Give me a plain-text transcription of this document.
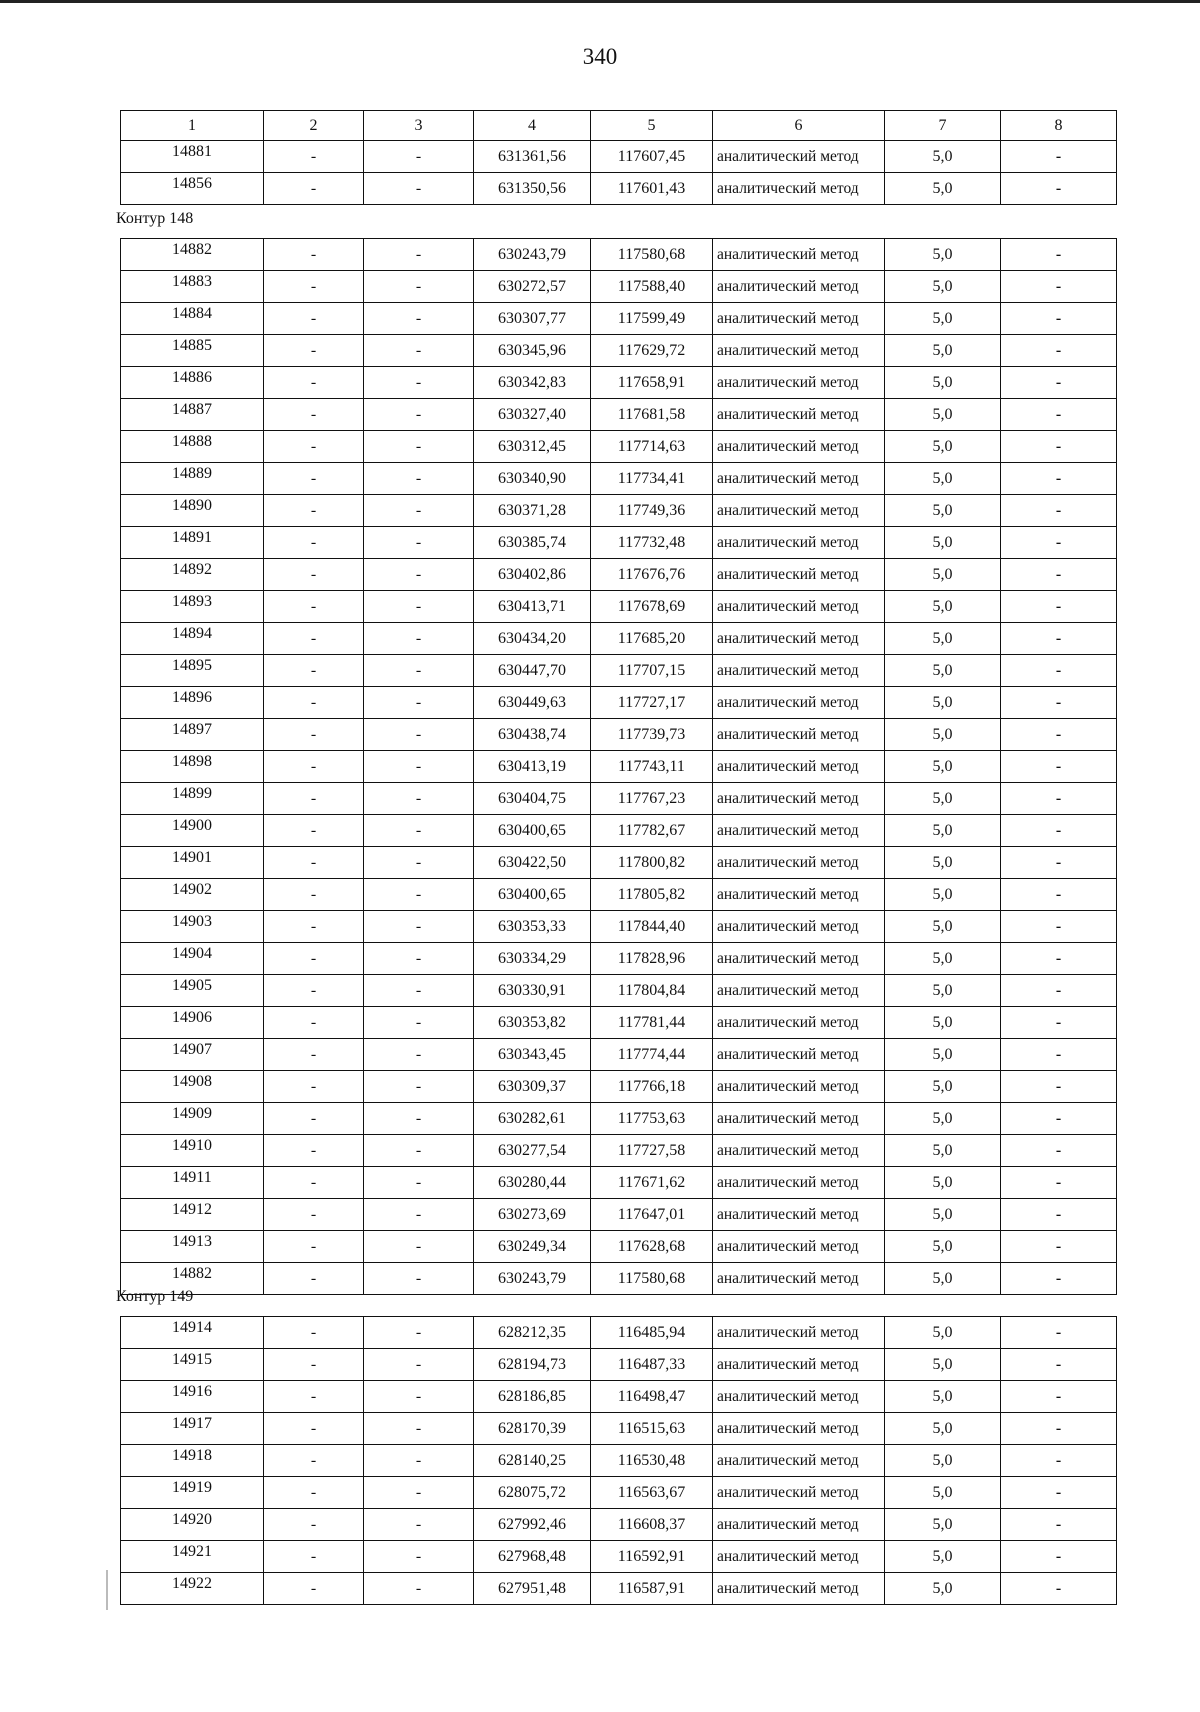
340
1	2	3	4	5	6	7	8
14881	-	-	631361,56	117607,45	аналитический метод	5,0	-
14856	-	-	631350,56	117601,43	аналитический метод	5,0	-
Контур 148
14882	-	-	630243,79	117580,68	аналитический метод	5,0	-
14883	-	-	630272,57	117588,40	аналитический метод	5,0	-
14884	-	-	630307,77	117599,49	аналитический метод	5,0	-
14885	-	-	630345,96	117629,72	аналитический метод	5,0	-
14886	-	-	630342,83	117658,91	аналитический метод	5,0	-
14887	-	-	630327,40	117681,58	аналитический метод	5,0	-
14888	-	-	630312,45	117714,63	аналитический метод	5,0	-
14889	-	-	630340,90	117734,41	аналитический метод	5,0	-
14890	-	-	630371,28	117749,36	аналитический метод	5,0	-
14891	-	-	630385,74	117732,48	аналитический метод	5,0	-
14892	-	-	630402,86	117676,76	аналитический метод	5,0	-
14893	-	-	630413,71	117678,69	аналитический метод	5,0	-
14894	-	-	630434,20	117685,20	аналитический метод	5,0	-
14895	-	-	630447,70	117707,15	аналитический метод	5,0	-
14896	-	-	630449,63	117727,17	аналитический метод	5,0	-
14897	-	-	630438,74	117739,73	аналитический метод	5,0	-
14898	-	-	630413,19	117743,11	аналитический метод	5,0	-
14899	-	-	630404,75	117767,23	аналитический метод	5,0	-
14900	-	-	630400,65	117782,67	аналитический метод	5,0	-
14901	-	-	630422,50	117800,82	аналитический метод	5,0	-
14902	-	-	630400,65	117805,82	аналитический метод	5,0	-
14903	-	-	630353,33	117844,40	аналитический метод	5,0	-
14904	-	-	630334,29	117828,96	аналитический метод	5,0	-
14905	-	-	630330,91	117804,84	аналитический метод	5,0	-
14906	-	-	630353,82	117781,44	аналитический метод	5,0	-
14907	-	-	630343,45	117774,44	аналитический метод	5,0	-
14908	-	-	630309,37	117766,18	аналитический метод	5,0	-
14909	-	-	630282,61	117753,63	аналитический метод	5,0	-
14910	-	-	630277,54	117727,58	аналитический метод	5,0	-
14911	-	-	630280,44	117671,62	аналитический метод	5,0	-
14912	-	-	630273,69	117647,01	аналитический метод	5,0	-
14913	-	-	630249,34	117628,68	аналитический метод	5,0	-
14882	-	-	630243,79	117580,68	аналитический метод	5,0	-
Контур 149
14914	-	-	628212,35	116485,94	аналитический метод	5,0	-
14915	-	-	628194,73	116487,33	аналитический метод	5,0	-
14916	-	-	628186,85	116498,47	аналитический метод	5,0	-
14917	-	-	628170,39	116515,63	аналитический метод	5,0	-
14918	-	-	628140,25	116530,48	аналитический метод	5,0	-
14919	-	-	628075,72	116563,67	аналитический метод	5,0	-
14920	-	-	627992,46	116608,37	аналитический метод	5,0	-
14921	-	-	627968,48	116592,91	аналитический метод	5,0	-
14922	-	-	627951,48	116587,91	аналитический метод	5,0	-
